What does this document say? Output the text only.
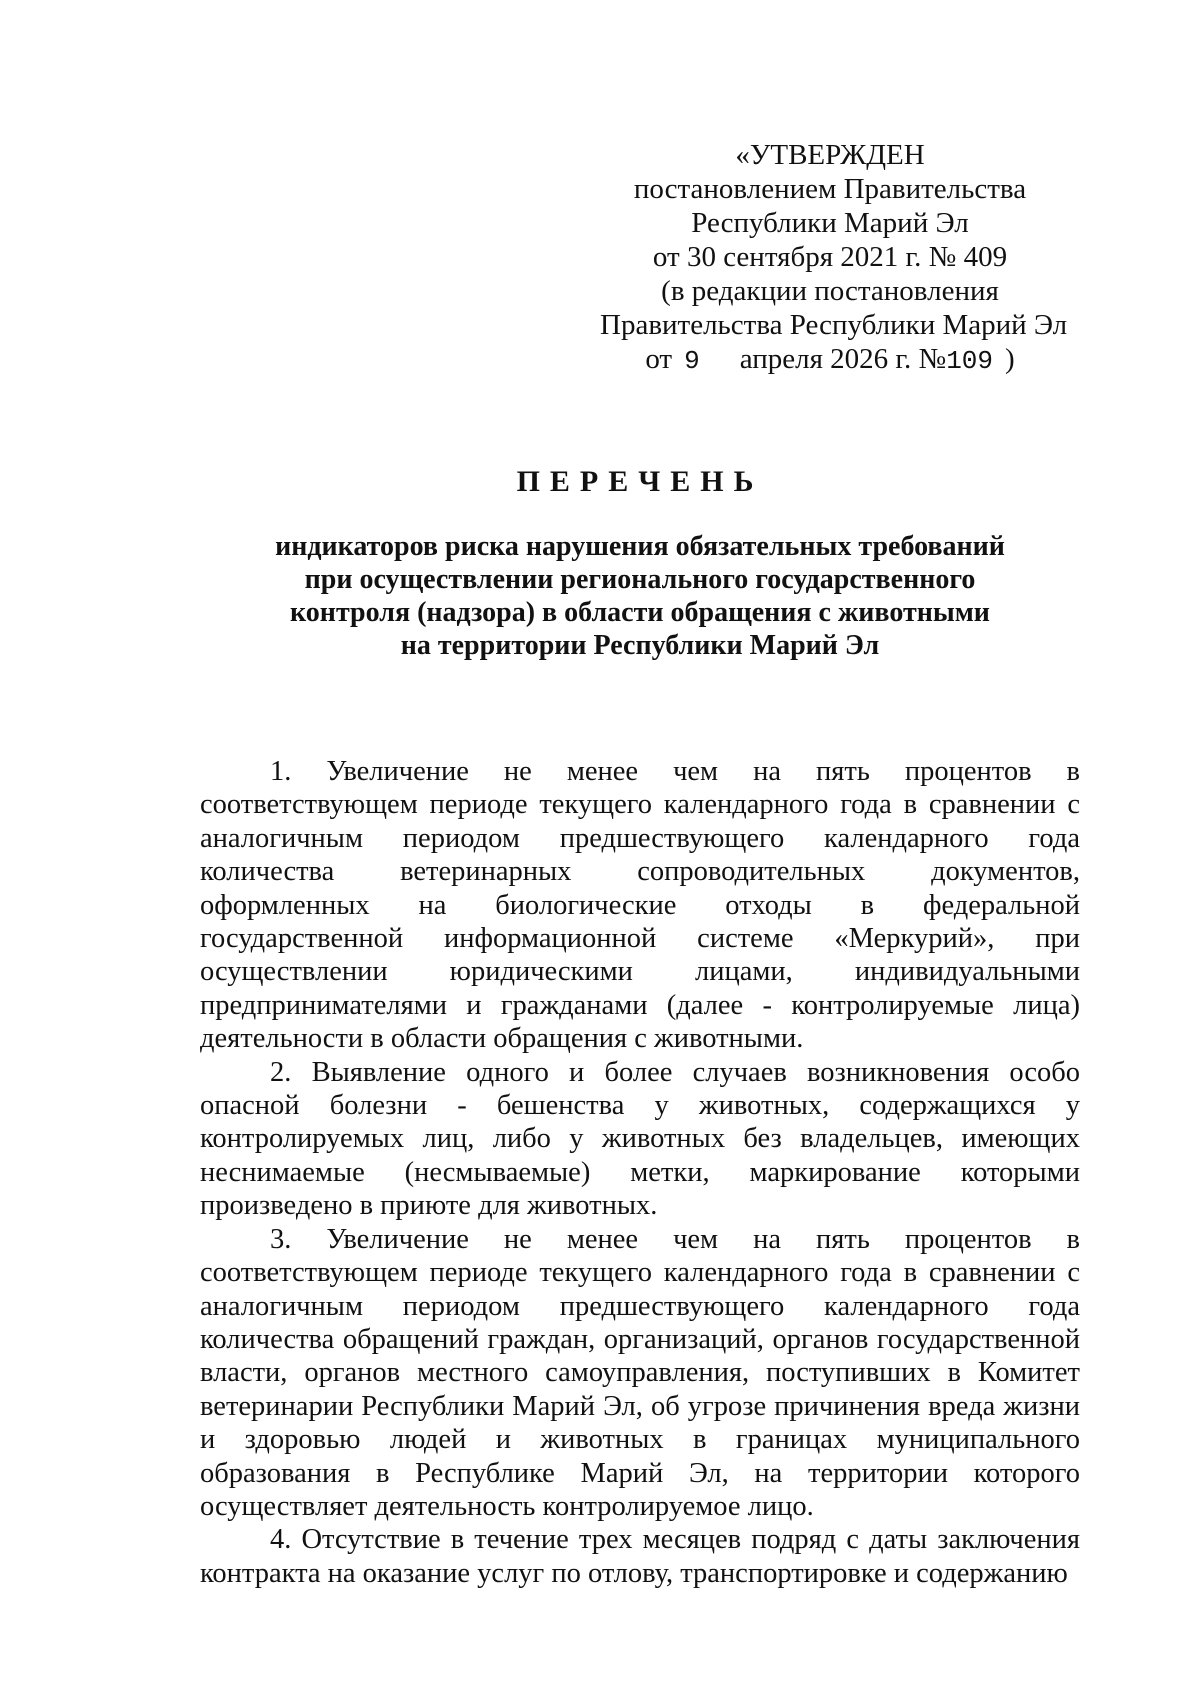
«УТВЕРЖДЕН
постановлением Правительства
Республики Марий Эл
от 30 сентября 2021 г. № 409
(в редакции постановления
Правительства Республики Марий Эл
от 9 апреля 2026 г. №109 )
ПЕРЕЧЕНЬ
индикаторов риска нарушения обязательных требований
при осуществлении регионального государственного
контроля (надзора) в области обращения с животными
на территории Республики Марий Эл

1. Увеличение не менее чем на пять процентов в соответствующем периоде текущего календарного года в сравнении с аналогичным периодом предшествующего календарного года количества ветеринарных сопроводительных документов, оформленных на биологические отходы в федеральной государственной информационной системе «Меркурий», при осуществлении юридическими лицами, индивидуальными предпринимателями и гражданами (далее - контролируемые лица) деятельности в области обращения с животными.

2. Выявление одного и более случаев возникновения особо опасной болезни - бешенства у животных, содержащихся у контролируемых лиц, либо у животных без владельцев, имеющих неснимаемые (несмываемые) метки, маркирование которыми произведено в приюте для животных.

3. Увеличение не менее чем на пять процентов в соответствующем периоде текущего календарного года в сравнении с аналогичным периодом предшествующего календарного года количества обращений граждан, организаций, органов государственной власти, органов местного самоуправления, поступивших в Комитет ветеринарии Республики Марий Эл, об угрозе причинения вреда жизни и здоровью людей и животных в границах муниципального образования в Республике Марий Эл, на территории которого осуществляет деятельность контролируемое лицо.

4. Отсутствие в течение трех месяцев подряд с даты заключения контракта на оказание услуг по отлову, транспортировке и содержанию
